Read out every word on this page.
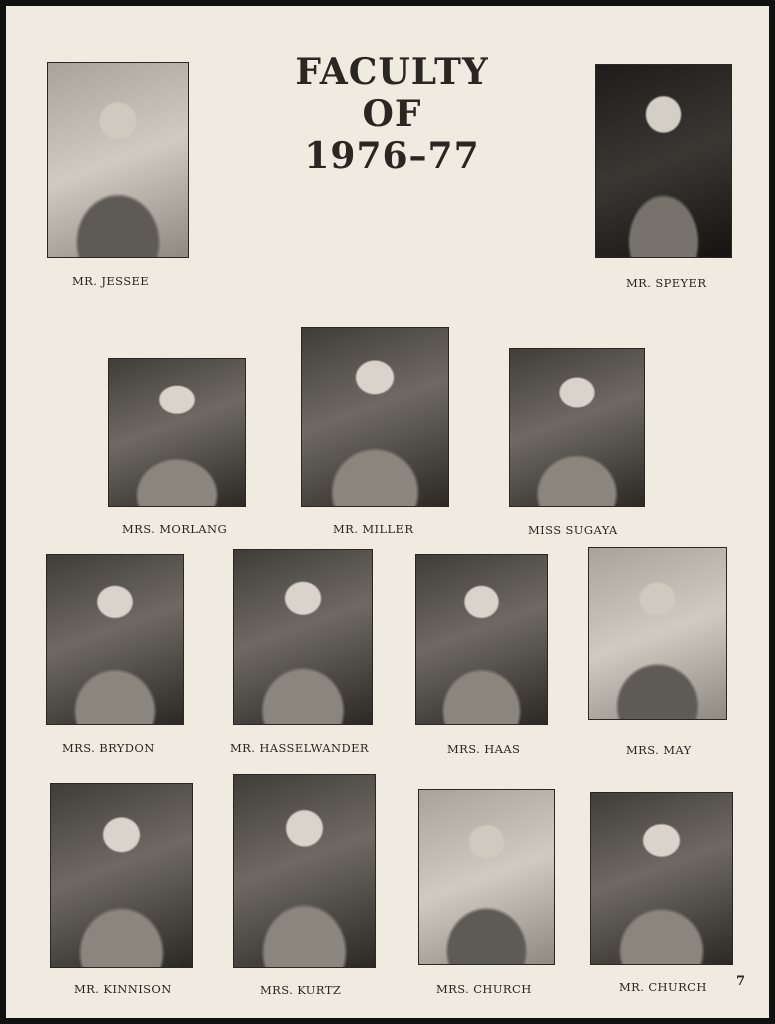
FACULTY
OF
1976–77
MR. JESSEE	MR. SPEYER
MRS. MORLANG	MR. MILLER	MISS SUGAYA
MRS. BRYDON	MR. HASSELWANDER	MRS. HAAS	MRS. MAY
MR. KINNISON	MRS. KURTZ	MRS. CHURCH	MR. CHURCH 7
